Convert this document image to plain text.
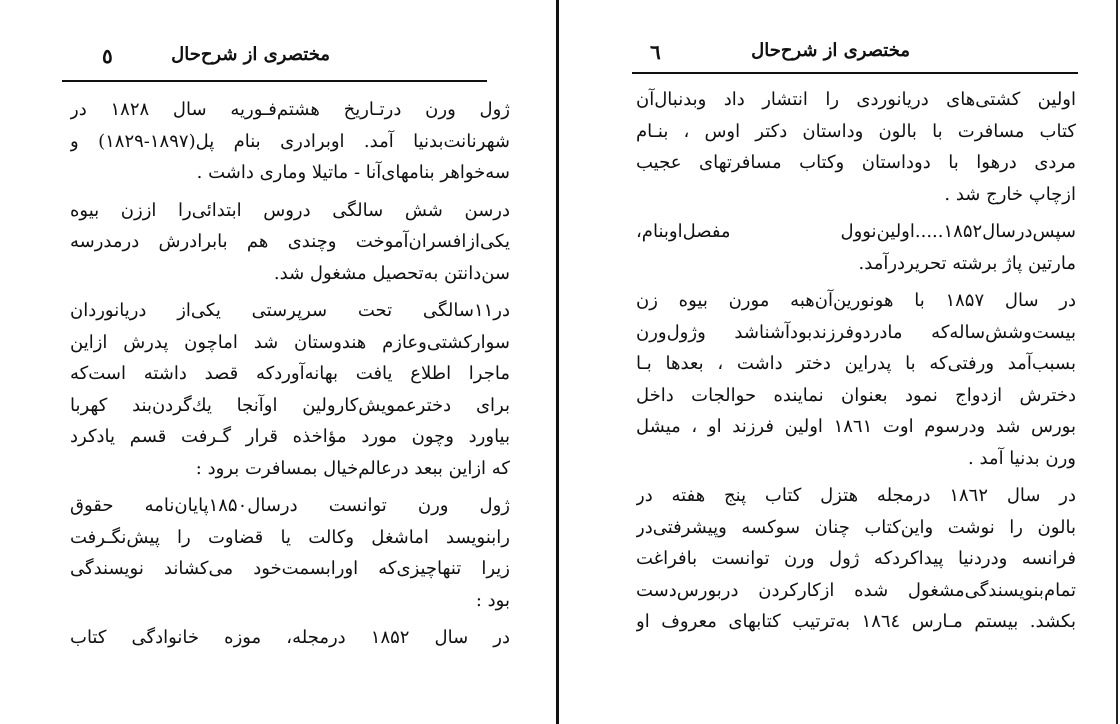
مختصری از شرح‌حال
٥
ژول ورن درتـاریخ هشتم‌فـوریه سال ۱۸۲۸ در
شهرنانت‌بدنیا آمد. اوبرادری بنام پل(۱۸۹۷-۱۸۲۹) و
سه‌خواهر بنامهای‌آنا - ماتیلا وماری داشت .
درسن شش سالگی دروس ابتدائی‌را اززن بیوه
یکی‌ازافسران‌آموخت وچندی هم بابرادرش درمدرسه
سن‌دانتن به‌تحصیل مشغول شد.
در۱۱سالگی تحت سرپرستی یکی‌از دریانوردان
سوارکشتی‌وعازم هندوستان شد اماچون پدرش ازاین
ماجرا اطلاع یافت بهانه‌آوردکه قصد داشته است‌که
برای دخترعمویش‌کارولین اوآنجا یك‌گردن‌بند کهربا
بیاورد وچون مورد مؤاخذه قرار گـرفت قسم یادکرد
که ازاین ببعد درعالم‌خیال بمسافرت برود :
ژول ورن توانست درسال۱۸۵۰پایان‌نامه حقوق
رابنویسد اماشغل وکالت یا قضاوت را پیش‌نگـرفت
زیرا تنهاچیزی‌که اورابسمت‌خود می‌کشاند نویسندگی
بود :
در سال ۱۸۵۲ درمجله، موزه خانوادگی کتاب
مختصری از شرح‌حال
٦
اولین کشتی‌های دریانوردی را انتشار داد وبدنبال‌آن
کتاب مسافرت با بالون وداستان دکتر اوس ، بنـام
مردی درهوا با دوداستان وکتاب مسافرتهای عجیب
ازچاپ خارج شد .
سپس‌درسال۱۸۵۲.....اولین‌نوول مفصل‌اوبنام،
مارتین پاژ برشته تحریردرآمد.
در سال ۱۸۵۷ با هونورین‌آن‌هبه مورن بیوه زن
بیست‌وشش‌ساله‌که مادردوفرزندبودآشناشد وژول‌ورن
بسبب‌آمد ورفتی‌که با پدراین دختر داشت ، بعدها بـا
دخترش ازدواج نمود بعنوان نماینده حوالجات داخل
بورس شد ودرسوم اوت ۱۸٦۱ اولین فرزند او ، میشل
ورن بدنیا آمد .
در سال ۱۸٦۲ درمجله هتزل کتاب پنج هفته در
بالون را نوشت واین‌کتاب چنان سوکسه وپیشرفتی‌در
فرانسه ودردنیا پیداکردکه ژول ورن توانست بافراغت
تمام‌بنویسندگی‌مشغول شده ازکارکردن دربورس‌دست
بکشد. بیستم مـارس ۱۸٦٤ به‌ترتیب کتابهای معروف او
